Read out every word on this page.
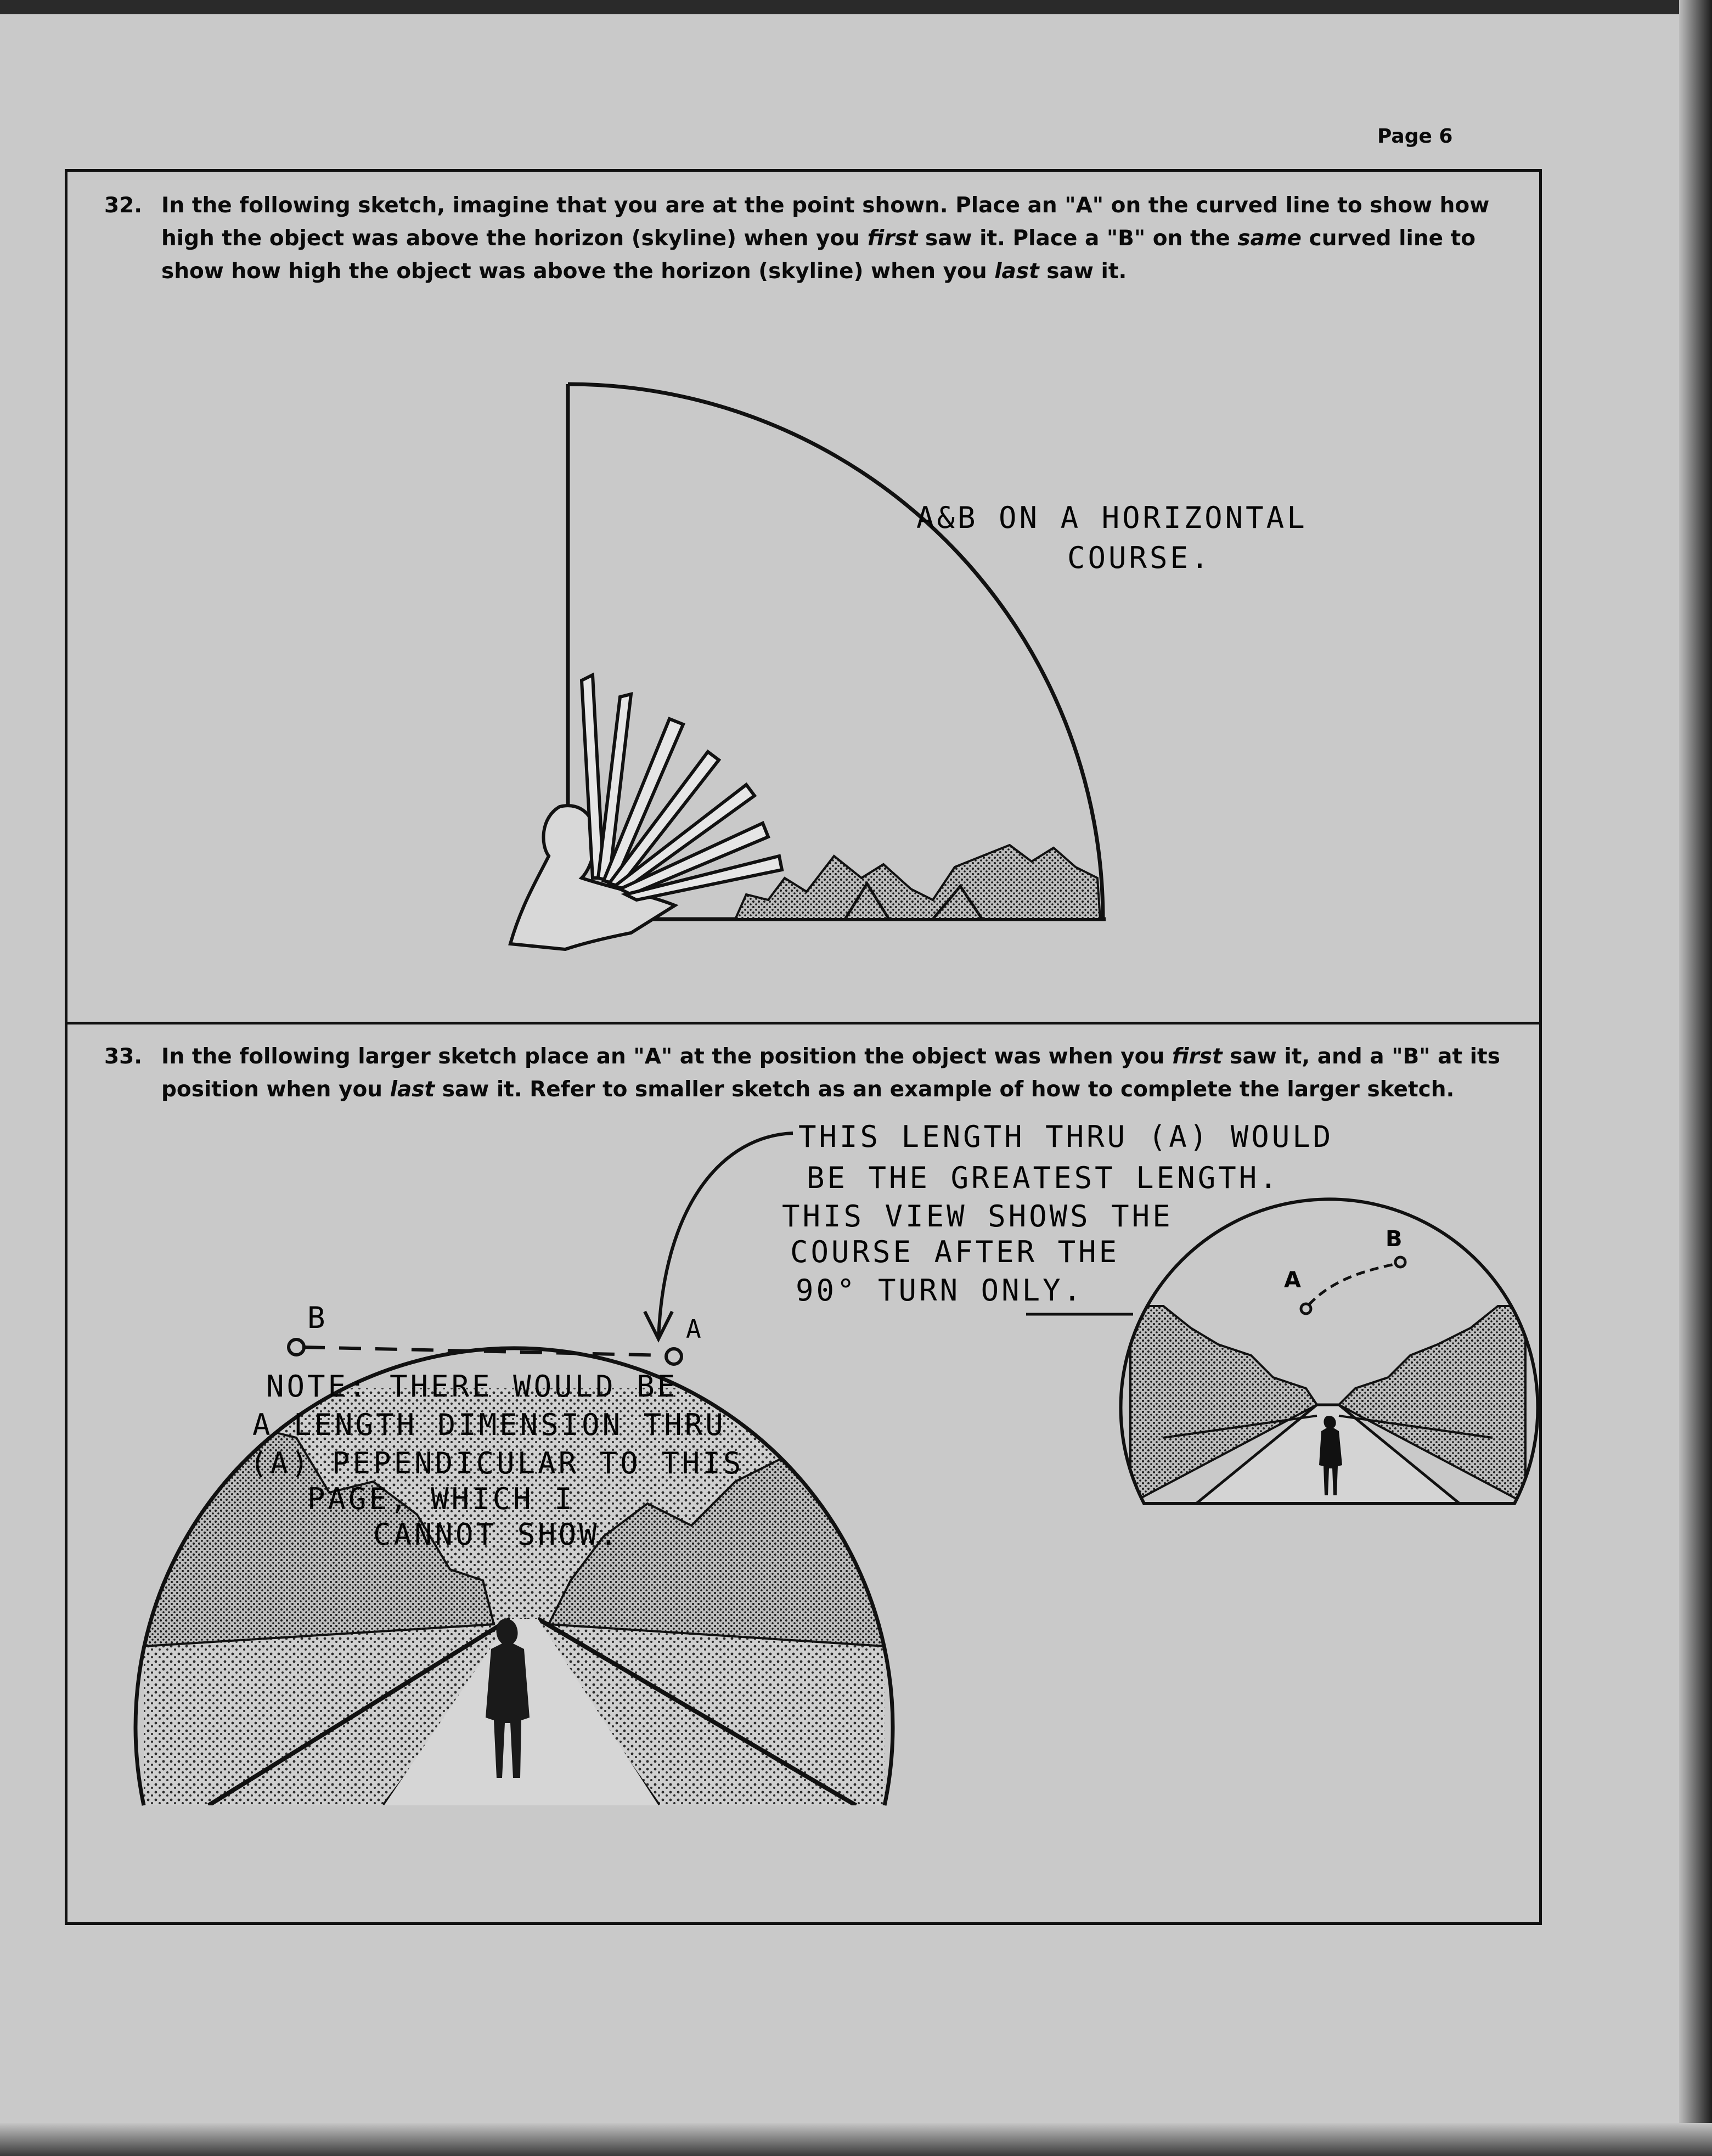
Page 6
32. In the following sketch, imagine that you are at the point shown. Place an "A" on the curved line to show how
high the object was above the horizon (skyline) when you first saw it. Place a "B" on the same curved line to
show how high the object was above the horizon (skyline) when you last saw it.
33. In the following larger sketch place an "A" at the position the object was when you first saw it, and a "B" at its
position when you last saw it. Refer to smaller sketch as an example of how to complete the larger sketch.
A&B ON A HORIZONTAL
COURSE.
THIS LENGTH THRU (A) WOULD
BE THE GREATEST LENGTH.
THIS VIEW SHOWS THE
COURSE AFTER THE
90° TURN ONLY.
B	A
NOTE: THERE WOULD BE
A LENGTH DIMENSION THRU
(A) PEPENDICULAR TO THIS
PAGE, WHICH I
CANNOT SHOW.
A
B
